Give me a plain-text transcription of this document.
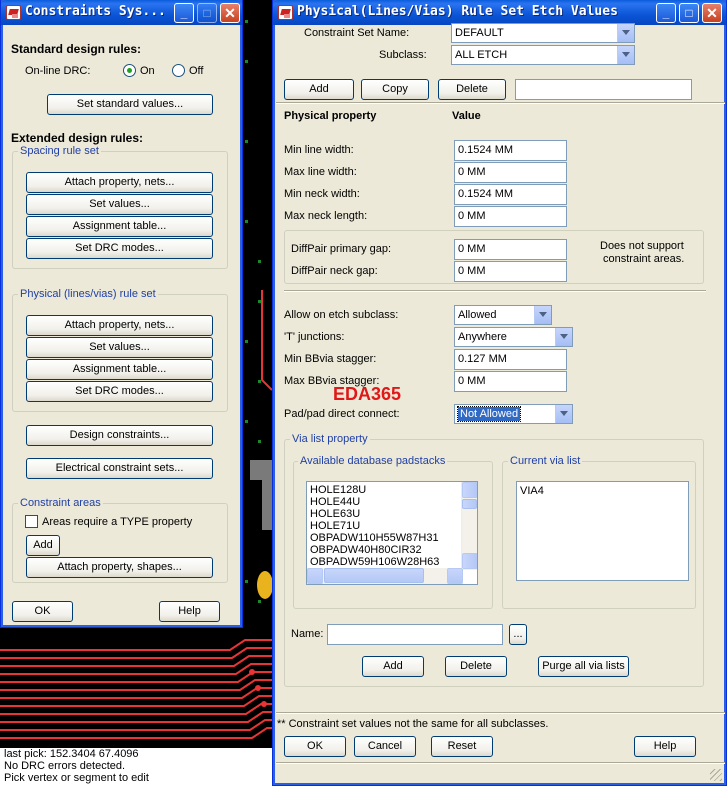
last pick: 152.3404 67.4096
No DRC errors detected.
Pick vertex or segment to edit
Constraints Sys...	_	□ ✕
Standard design rules:
On-line DRC:	On	Off
Set standard values...
Extended design rules:
Spacing rule set
Attach property, nets...
Set values...
Assignment table...
Set DRC modes...
Physical (lines/vias) rule set
Attach property, nets...
Set values...
Assignment table...
Set DRC modes...
Design constraints...
Electrical constraint sets...
Constraint areas
Areas require a TYPE property
Add
Attach property, shapes...
OK	Help
Physical(Lines/Vias) Rule Set Etch Values	_	□ ✕
Constraint Set Name:	DEFAULT
Subclass:	ALL ETCH
Add	Copy	Delete
Physical property	Value
Min line width:	0.1524 MM
Max line width:	0 MM
Min neck width:	0.1524 MM
Max neck length:	0 MM
DiffPair primary gap:	0 MM
DiffPair neck gap:	0 MM
Does not support
constraint areas.
Allow on etch subclass:	Allowed
'T' junctions:	Anywhere
Min BBvia stagger:	0.127 MM
Max BBvia stagger:	0 MM
EDA365
Pad/pad direct connect:	Not Allowed
Via list property
Available database padstacks
HOLE128U
HOLE44U
HOLE63U
HOLE71U
OBPADW110H55W87H31
OBPADW40H80CIR32
OBPADW59H106W28H63
Current via list
VIA4
Name:	...
Add	Delete	Purge all via lists
** Constraint set values not the same for all subclasses.
OK	Cancel	Reset	Help
